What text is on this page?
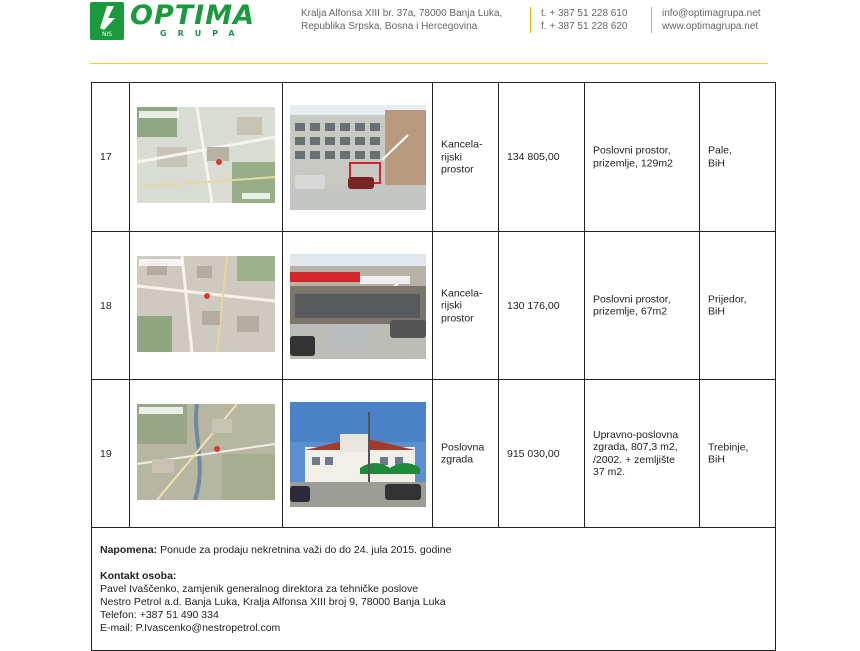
NIS
OPTIMA
GRUPA
Kralja Alfonsa XIII br. 37a, 78000 Banja Luka,
Republika Srpska, Bosna i Hercegovina
t. + 387 51 228 610
f. + 387 51 228 620
info@optimagrupa.net
www.optimagrupa.net
17
Kancela-
rijski
prostor
134 805,00
Poslovni prostor,
prizemlje, 129m2
Pale,
BiH
18
Kancela-
rijski
prostor
130 176,00
Poslovni prostor,
prizemlje, 67m2
Prijedor,
BiH
19
Poslovna
zgrada
915 030,00
Upravno-poslovna
zgrada, 807,3 m2,
/2002. + zemljište
37 m2.
Trebinje,
BiH
Napomena: Ponude za prodaju nekretnina važi do do 24. jula 2015. godine
Kontakt osoba:
Pavel Ivaščenko, zamjenik generalnog direktora za tehničke poslove
Nestro Petrol a.d. Banja Luka, Kralja Alfonsa XIII broj 9, 78000 Banja Luka
Telefon: +387 51 490 334
E-mail: P.Ivascenko@nestropetrol.com
